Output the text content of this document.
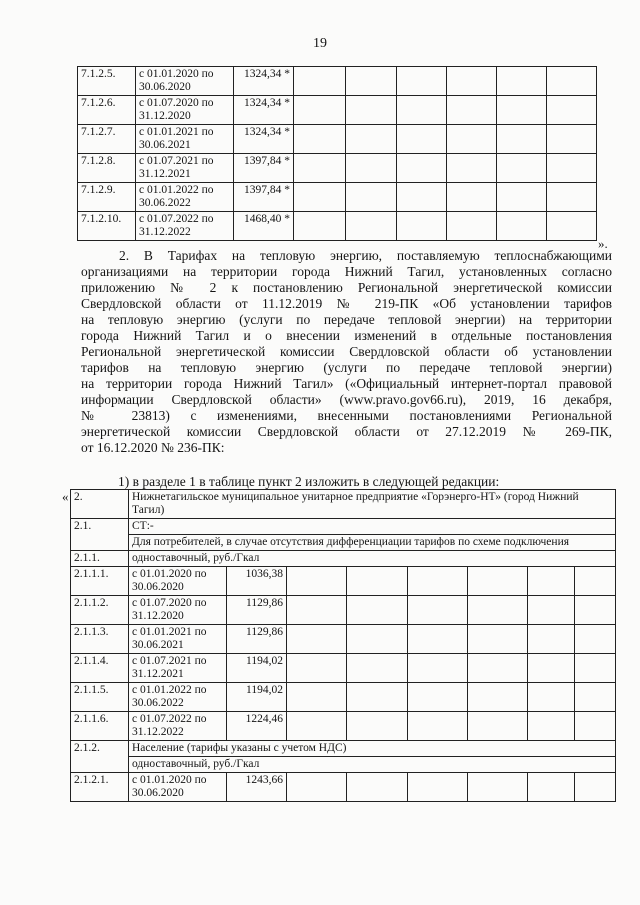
19
7.1.2.5.	с 01.01.2020 по 30.06.2020	1324,34 *						
7.1.2.6.	с 01.07.2020 по 31.12.2020	1324,34 *						
7.1.2.7.	с 01.01.2021 по 30.06.2021	1324,34 *						
7.1.2.8.	с 01.07.2021 по 31.12.2021	1397,84 *						
7.1.2.9.	с 01.01.2022 по 30.06.2022	1397,84 *						
7.1.2.10.	с 01.07.2022 по 31.12.2022	1468,40 *						
».
2. В Тарифах на тепловую энергию, поставляемую теплоснабжающими
организациями на территории города Нижний Тагил, установленных согласно
приложению № 2 к постановлению Региональной энергетической комиссии
Свердловской области от 11.12.2019 № 219-ПК «Об установлении тарифов
на тепловую энергию (услуги по передаче тепловой энергии) на территории
города Нижний Тагил и о внесении изменений в отдельные постановления
Региональной энергетической комиссии Свердловской области об установлении
тарифов на тепловую энергию (услуги по передаче тепловой энергии)
на территории города Нижний Тагил» («Официальный интернет-портал правовой
информации Свердловской области» (www.pravo.gov66.ru), 2019, 16 декабря,
№ 23813) с изменениями, внесенными постановлениями Региональной
энергетической комиссии Свердловской области от 27.12.2019 № 269-ПК,
от 16.12.2020 № 236-ПК:
1) в разделе 1 в таблице пункт 2 изложить в следующей редакции:
« 2.	Нижнетагильское муниципальное унитарное предприятие «Горэнерго-НТ» (город Нижний Тагил)							
2.1.	СТ:-							
	Для потребителей, в случае отсутствия дифференциации тарифов по схеме подключения							
2.1.1.	одноставочный, руб./Гкал							
2.1.1.1.	с 01.01.2020 по 30.06.2020	1036,38						
2.1.1.2.	с 01.07.2020 по 31.12.2020	1129,86						
2.1.1.3.	с 01.01.2021 по 30.06.2021	1129,86						
2.1.1.4.	с 01.07.2021 по 31.12.2021	1194,02						
2.1.1.5.	с 01.01.2022 по 30.06.2022	1194,02						
2.1.1.6.	с 01.07.2022 по 31.12.2022	1224,46						
2.1.2.	Население (тарифы указаны с учетом НДС)							
	одноставочный, руб./Гкал							
2.1.2.1.	с 01.01.2020 по 30.06.2020	1243,66						
